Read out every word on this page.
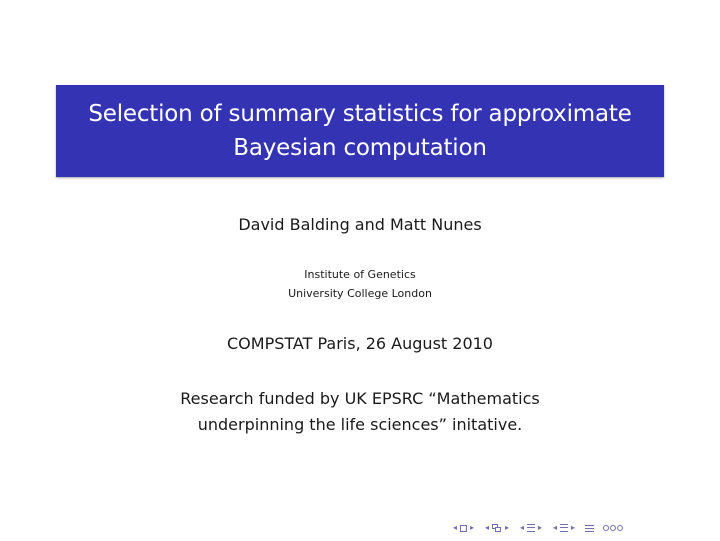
Selection of summary statistics for approximate
Bayesian computation
David Balding and Matt Nunes
Institute of Genetics
University College London
COMPSTAT Paris, 26 August 2010
Research funded by UK EPSRC “Mathematics
underpinning the life sciences” initative.
◂ ▸ ◂ ▸ ◂ ▸ ◂ ▸
